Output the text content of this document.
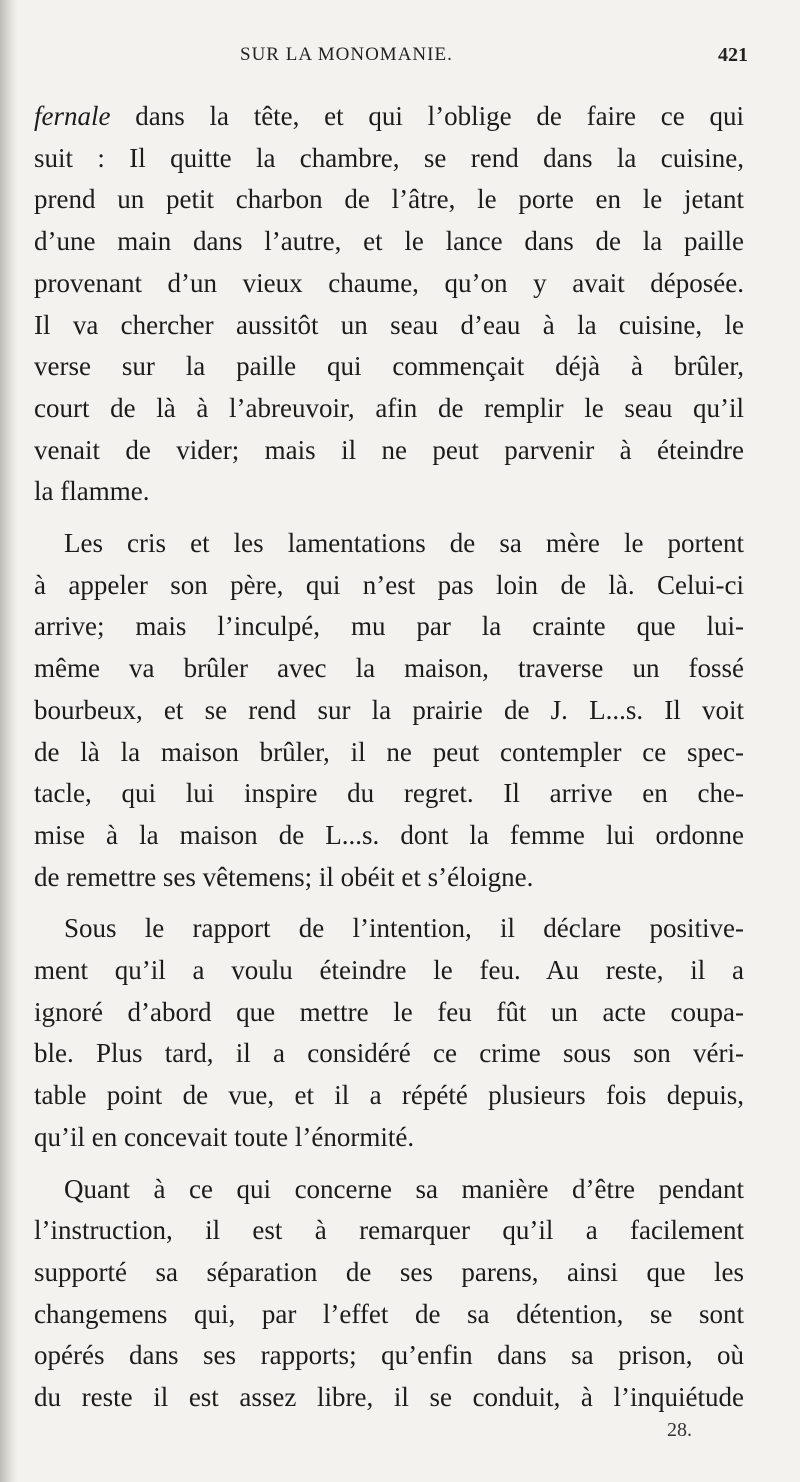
SUR LA MONOMANIE.	421

fernale dans la tête, et qui l’oblige de faire ce qui
suit : Il quitte la chambre, se rend dans la cuisine,
prend un petit charbon de l’âtre, le porte en le jetant
d’une main dans l’autre, et le lance dans de la paille
provenant d’un vieux chaume, qu’on y avait déposée.
Il va chercher aussitôt un seau d’eau à la cuisine, le
verse sur la paille qui commençait déjà à brûler,
court de là à l’abreuvoir, afin de remplir le seau qu’il
venait de vider; mais il ne peut parvenir à éteindre
la flamme.

Les cris et les lamentations de sa mère le portent
à appeler son père, qui n’est pas loin de là. Celui-ci
arrive; mais l’inculpé, mu par la crainte que lui-
même va brûler avec la maison, traverse un fossé
bourbeux, et se rend sur la prairie de J. L...s. Il voit
de là la maison brûler, il ne peut contempler ce spec-
tacle, qui lui inspire du regret. Il arrive en che-
mise à la maison de L...s. dont la femme lui ordonne
de remettre ses vêtemens; il obéit et s’éloigne.

Sous le rapport de l’intention, il déclare positive-
ment qu’il a voulu éteindre le feu. Au reste, il a
ignoré d’abord que mettre le feu fût un acte coupa-
ble. Plus tard, il a considéré ce crime sous son véri-
table point de vue, et il a répété plusieurs fois depuis,
qu’il en concevait toute l’énormité.

Quant à ce qui concerne sa manière d’être pendant
l’instruction, il est à remarquer qu’il a facilement
supporté sa séparation de ses parens, ainsi que les
changemens qui, par l’effet de sa détention, se sont
opérés dans ses rapports; qu’enfin dans sa prison, où
du reste il est assez libre, il se conduit, à l’inquiétude

28.
